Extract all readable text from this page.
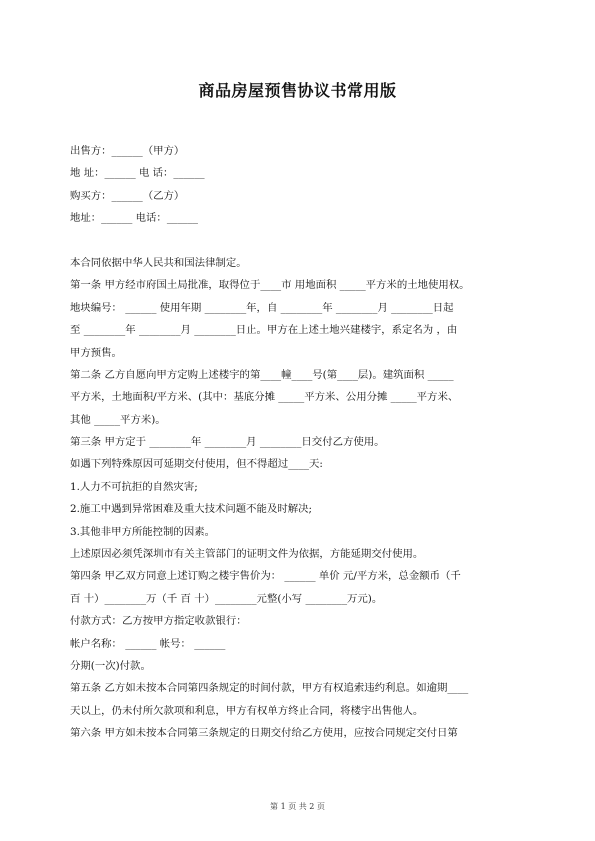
商品房屋预售协议书常用版
出售方：______（甲方）
地 址：______ 电 话：______
购买方：______（乙方）
地址：______ 电话：______
本合同依据中华人民共和国法律制定。
第一条 甲方经市府国土局批准，取得位于____市 用地面积 _____平方米的土地使用权。
地块编号： ______ 使用年期 ________年，自 ________年 ________月 ________日起
至 ________年 ________月 ________日止。甲方在上述土地兴建楼宇，系定名为 ，由
甲方预售。
第二条 乙方自愿向甲方定购上述楼宇的第____幢____号(第____层)。建筑面积 _____
平方米，土地面积/平方米、(其中：基底分摊 _____平方米、公用分摊 _____平方米、
其他 _____平方米)。
第三条 甲方定于 ________年 ________月 ________日交付乙方使用。
如遇下列特殊原因可延期交付使用，但不得超过____天:
1.人力不可抗拒的自然灾害;
2.施工中遇到异常困难及重大技术问题不能及时解决;
3.其他非甲方所能控制的因素。
上述原因必须凭深圳市有关主管部门的证明文件为依据，方能延期交付使用。
第四条 甲乙双方同意上述订购之楼宇售价为： ______ 单价 元/平方米，总金额币（千
百 十）________万（千 百 十）________元整(小写 ________万元)。
付款方式：乙方按甲方指定收款银行：
帐户名称： ______ 帐号： ______
分期(一次)付款。
第五条 乙方如未按本合同第四条规定的时间付款，甲方有权追索违约利息。如逾期____
天以上，仍未付所欠款项和利息，甲方有权单方终止合同，将楼宇出售他人。
第六条 甲方如未按本合同第三条规定的日期交付给乙方使用，应按合同规定交付日第
第 1 页 共 2 页
